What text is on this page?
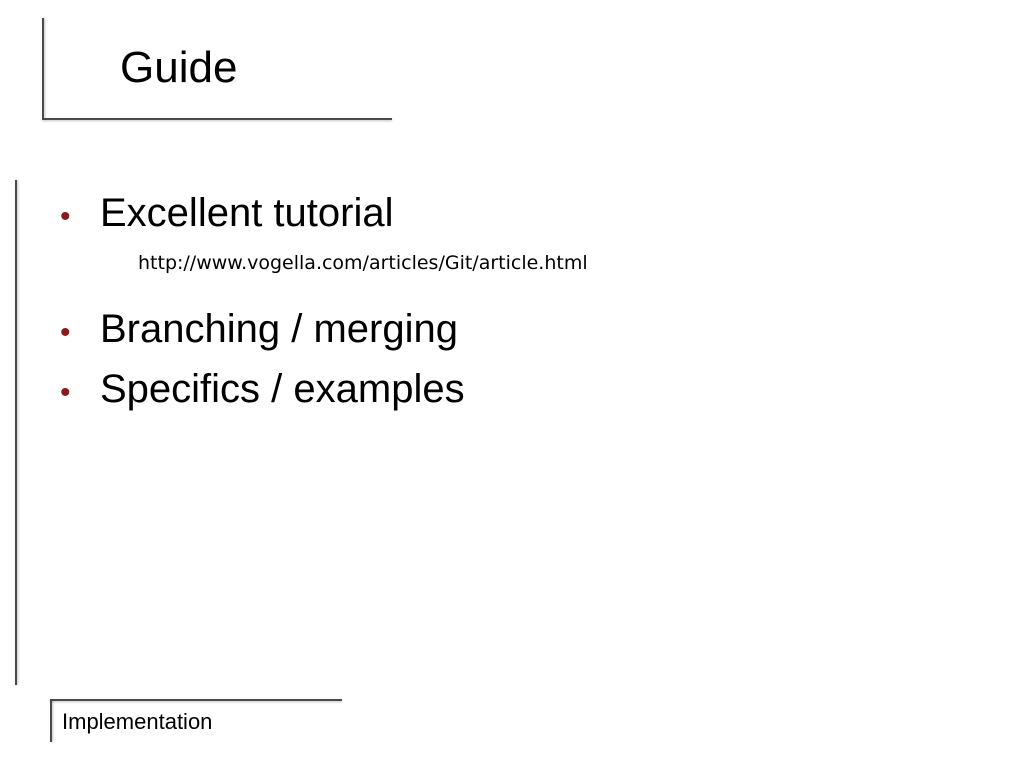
Guide
• Excellent tutorial
http://www.vogella.com/articles/Git/article.html
• Branching / merging
• Specifics / examples
Implementation
